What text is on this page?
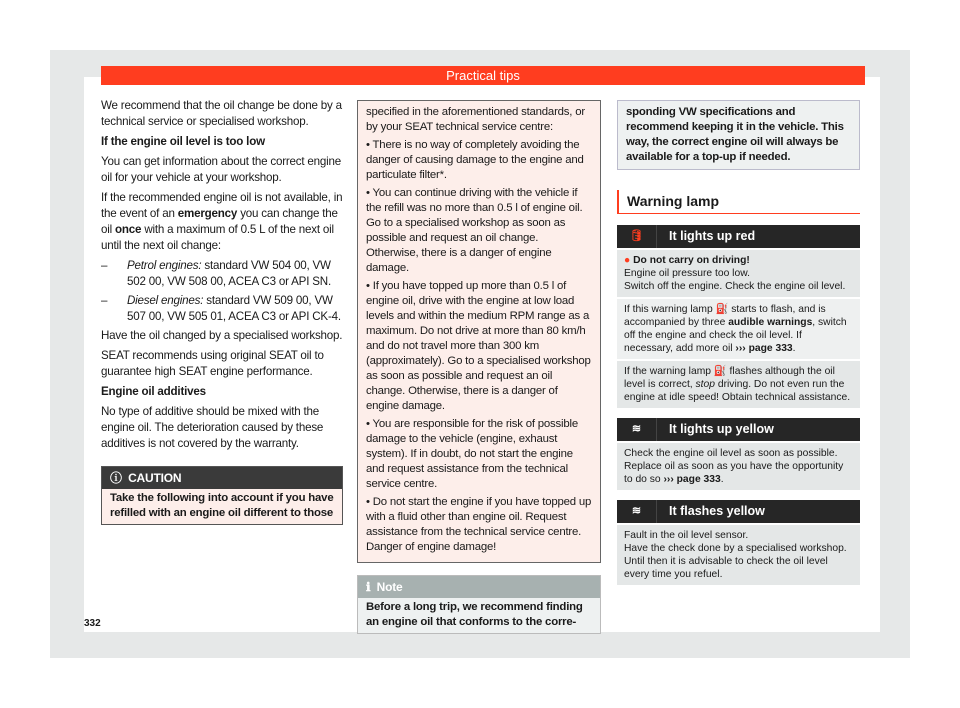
Practical tips

We recommend that the oil change be done by a technical service or specialised workshop.

If the engine oil level is too low

You can get information about the correct engine oil for your vehicle at your workshop.

If the recommended engine oil is not available, in the event of an emergency you can change the oil once with a maximum of 0.5 L of the next oil until the next oil change:

–	Petrol engines: standard VW 504 00, VW 502 00, VW 508 00, ACEA C3 or API SN.
–	Diesel engines: standard VW 509 00, VW 507 00, VW 505 01, ACEA C3 or API CK-4.

Have the oil changed by a specialised workshop.

SEAT recommends using original SEAT oil to guarantee high SEAT engine performance.

Engine oil additives

No type of additive should be mixed with the engine oil. The deterioration caused by these additives is not covered by the warranty.

ⓘ CAUTION
Take the following into account if you have refilled with an engine oil different to those

specified in the aforementioned standards, or by your SEAT technical service centre:

• There is no way of completely avoiding the danger of causing damage to the engine and particulate filter*.

• You can continue driving with the vehicle if the refill was no more than 0.5 l of engine oil. Go to a specialised workshop as soon as possible and request an oil change. Otherwise, there is a danger of engine damage.

• If you have topped up more than 0.5 l of engine oil, drive with the engine at low load levels and within the medium RPM range as a maximum. Do not drive at more than 80 km/h and do not travel more than 300 km (approximately). Go to a specialised workshop as soon as possible and request an oil change. Otherwise, there is a danger of engine damage.

• You are responsible for the risk of possible damage to the vehicle (engine, exhaust system). If in doubt, do not start the engine and request assistance from the technical service centre.

• Do not start the engine if you have topped up with a fluid other than engine oil. Request assistance from the technical service centre. Danger of engine damage!

ℹ Note
Before a long trip, we recommend finding an engine oil that conforms to the corre-
sponding VW specifications and recommend keeping it in the vehicle. This way, the correct engine oil will always be available for a top-up if needed.
Warning lamp
🛢	It lights up red
● Do not carry on driving!
Engine oil pressure too low.
Switch off the engine. Check the engine oil level.
If this warning lamp ⛽ starts to flash, and is accompanied by three audible warnings, switch off the engine and check the oil level. If necessary, add more oil ››› page 333.
If the warning lamp ⛽ flashes although the oil level is correct, stop driving. Do not even run the engine at idle speed! Obtain technical assistance.
≋	It lights up yellow
Check the engine oil level as soon as possible. Replace oil as soon as you have the opportunity to do so ››› page 333.
≋	It flashes yellow
Fault in the oil level sensor.
Have the check done by a specialised workshop. Until then it is advisable to check the oil level every time you refuel.
332
